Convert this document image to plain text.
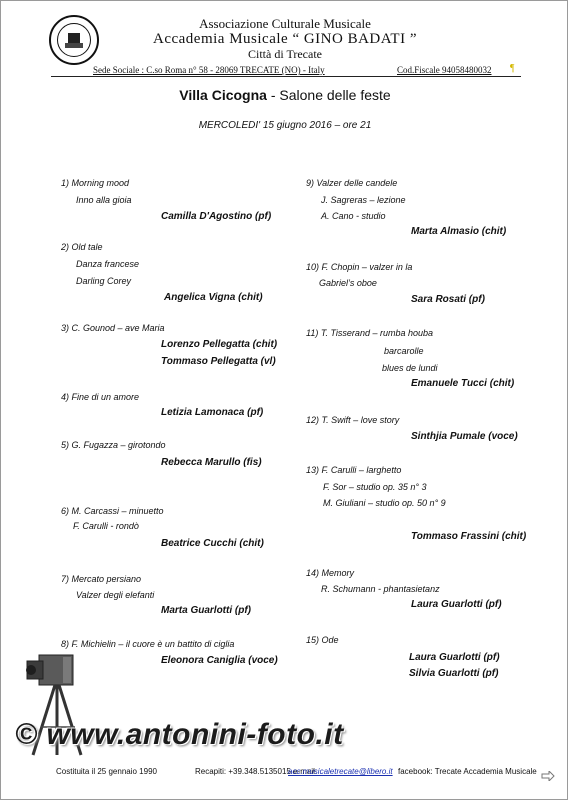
Associazione Culturale Musicale
Accademia Musicale “ GINO BADATI ”
Città di Trecate
Sede Sociale : C.so Roma n° 58 - 28069 TRECATE (NO) - Italy	Cod.Fiscale 94058480032 ¶
Villa Cicogna - Salone delle feste
MERCOLEDI' 15 giugno 2016 – ore 21
1) Morning mood
Inno alla gioia
Camilla D'Agostino (pf)
2) Old tale
Danza francese
Darling Corey
Angelica Vigna (chit)
3) C. Gounod – ave Maria
Lorenzo Pellegatta (chit)
Tommaso Pellegatta (vl)
4) Fine di un amore
Letizia Lamonaca (pf)
5) G. Fugazza – girotondo
Rebecca Marullo (fis)
6) M. Carcassi – minuetto
F. Carulli - rondò
Beatrice Cucchi (chit)
7) Mercato persiano
Valzer degli elefanti
Marta Guarlotti (pf)
8) F. Michielin – il cuore è un battito di ciglia
Eleonora Caniglia (voce)
9) Valzer delle candele
J. Sagreras – lezione
A. Cano - studio
Marta Almasio (chit)
10) F. Chopin – valzer in la
Gabriel’s oboe
Sara Rosati (pf)
11) T. Tisserand – rumba houba
barcarolle
blues de lundi
Emanuele Tucci (chit)
12) T. Swift – love story
Sinthjia Pumale (voce)
13) F. Carulli – larghetto
F. Sor – studio op. 35 n° 3
M. Giuliani – studio op. 50 n° 9
Tommaso Frassini (chit)
14) Memory
R. Schumann - phantasietanz
Laura Guarlotti (pf)
15) Ode
Laura Guarlotti (pf)
Silvia Guarlotti (pf)
© www.antonini-foto.it
Costituita il 25 gennaio 1990	Recapiti: +39.348.5135015 e-mail:
acc.musicaletrecate@libero.it facebook: Trecate Accademia Musicale
